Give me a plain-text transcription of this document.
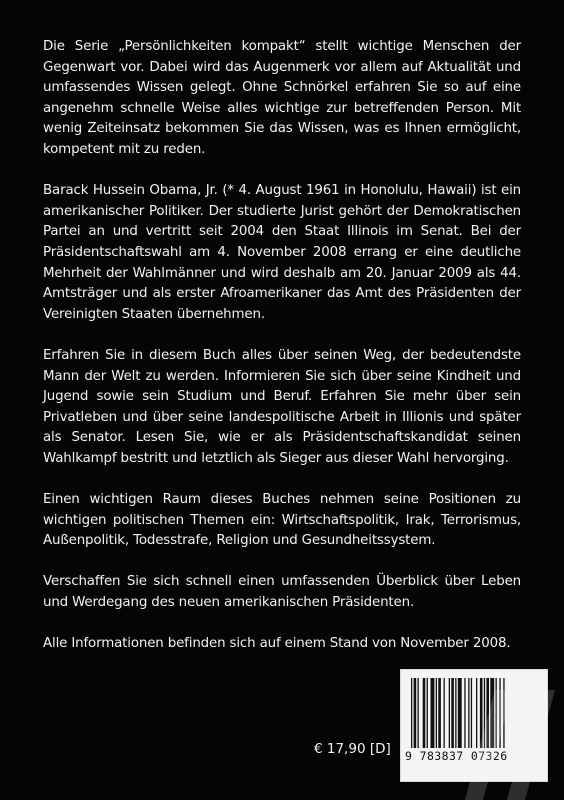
Die Serie „Persönlichkeiten kompakt“ stellt wichtige Menschen der Gegenwart vor. Dabei wird das Augenmerk vor allem auf Aktualität und umfassendes Wissen gelegt. Ohne Schnörkel erfahren Sie so auf eine angenehm schnelle Weise alles wichtige zur betreffenden Person. Mit wenig Zeiteinsatz bekommen Sie das Wissen, was es Ihnen ermöglicht, kompetent mit zu reden.

Barack Hussein Obama, Jr. (* 4. August 1961 in Honolulu, Hawaii) ist ein amerikanischer Politiker. Der studierte Jurist gehört der Demokratischen Partei an und vertritt seit 2004 den Staat Illinois im Senat. Bei der Präsidentschaftswahl am 4. November 2008 errang er eine deutliche Mehrheit der Wahlmänner und wird deshalb am 20. Januar 2009 als 44. Amtsträger und als erster Afroamerikaner das Amt des Präsidenten der Vereinigten Staaten übernehmen.

Erfahren Sie in diesem Buch alles über seinen Weg, der bedeutendste Mann der Welt zu werden. Informieren Sie sich über seine Kindheit und Jugend sowie sein Studium und Beruf. Erfahren Sie mehr über sein Privatleben und über seine landespolitische Arbeit in Illionis und später als Senator. Lesen Sie, wie er als Präsidentschaftskandidat seinen Wahlkampf bestritt und letztlich als Sieger aus dieser Wahl hervorging.

Einen wichtigen Raum dieses Buches nehmen seine Positionen zu wichtigen politischen Themen ein: Wirtschaftspolitik, Irak, Terrorismus, Außenpolitik, Todesstrafe, Religion und Gesundheitssystem.

Verschaffen Sie sich schnell einen umfassenden Überblick über Leben und Werdegang des neuen amerikanischen Präsidenten.

Alle Informationen befinden sich auf einem Stand von November 2008.

€ 17,90 [D] 9 783837 07326
